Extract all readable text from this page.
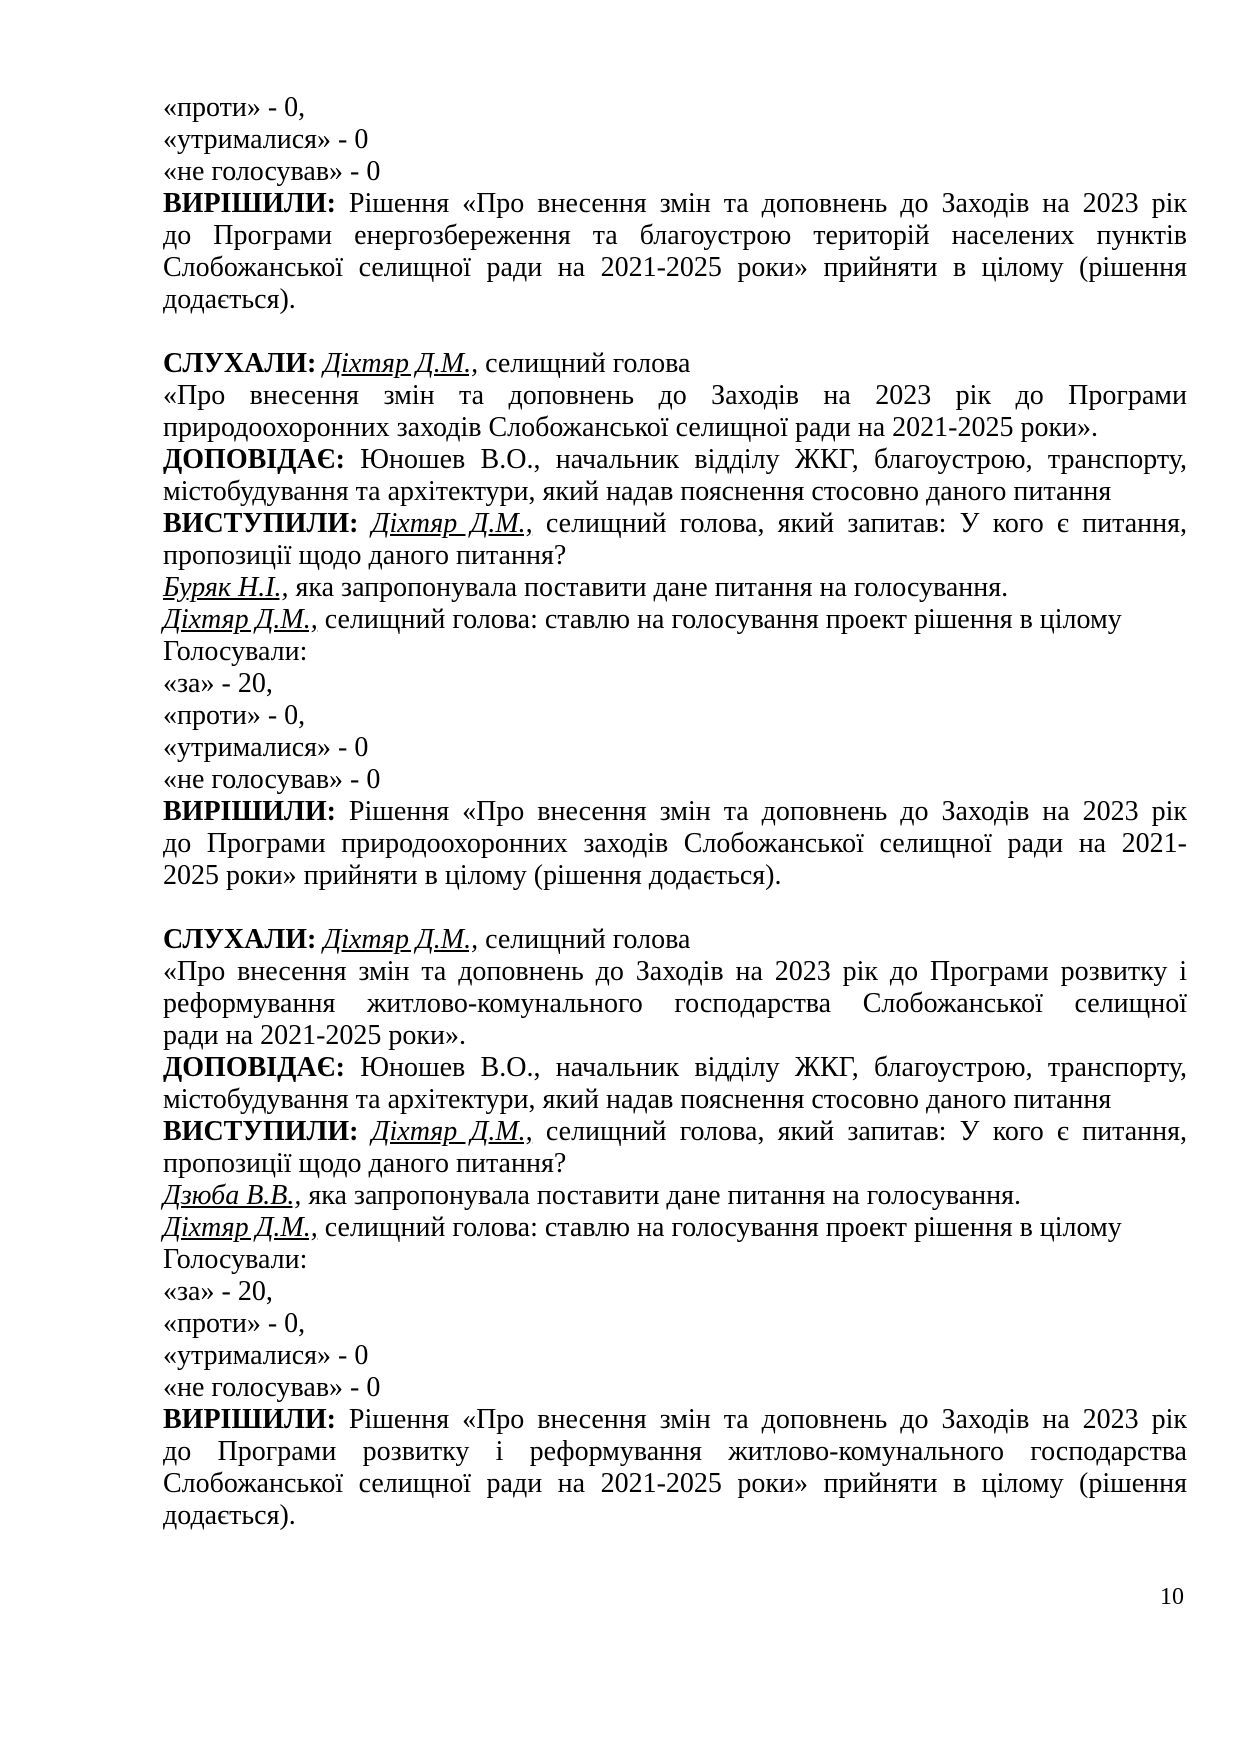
«проти» - 0,
«утрималися» - 0
«не голосував» - 0
ВИРІШИЛИ: Рішення «Про внесення змін та доповнень до Заходів на 2023 рік
до Програми енергозбереження та благоустрою територій населених пунктів
Слобожанської селищної ради на 2021-2025 роки» прийняти в цілому (рішення
додається).
СЛУХАЛИ: Діхтяр Д.М., селищний голова
«Про внесення змін та доповнень до Заходів на 2023 рік до Програми
природоохоронних заходів Слобожанської селищної ради на 2021-2025 роки».
ДОПОВІДАЄ: Юношев В.О., начальник відділу ЖКГ, благоустрою, транспорту,
містобудування та архітектури, який надав пояснення стосовно даного питання
ВИСТУПИЛИ: Діхтяр Д.М., селищний голова, який запитав: У кого є питання,
пропозиції щодо даного питання?
Буряк Н.І., яка запропонувала поставити дане питання на голосування.
Діхтяр Д.М., селищний голова: ставлю на голосування проект рішення в цілому
Голосували:
«за» - 20,
«проти» - 0,
«утрималися» - 0
«не голосував» - 0
ВИРІШИЛИ: Рішення «Про внесення змін та доповнень до Заходів на 2023 рік
до Програми природоохоронних заходів Слобожанської селищної ради на 2021-
2025 роки» прийняти в цілому (рішення додається).
СЛУХАЛИ: Діхтяр Д.М., селищний голова
«Про внесення змін та доповнень до Заходів на 2023 рік до Програми розвитку і
реформування житлово-комунального господарства Слобожанської селищної
ради на 2021-2025 роки».
ДОПОВІДАЄ: Юношев В.О., начальник відділу ЖКГ, благоустрою, транспорту,
містобудування та архітектури, який надав пояснення стосовно даного питання
ВИСТУПИЛИ: Діхтяр Д.М., селищний голова, який запитав: У кого є питання,
пропозиції щодо даного питання?
Дзюба В.В., яка запропонувала поставити дане питання на голосування.
Діхтяр Д.М., селищний голова: ставлю на голосування проект рішення в цілому
Голосували:
«за» - 20,
«проти» - 0,
«утрималися» - 0
«не голосував» - 0
ВИРІШИЛИ: Рішення «Про внесення змін та доповнень до Заходів на 2023 рік
до Програми розвитку і реформування житлово-комунального господарства
Слобожанської селищної ради на 2021-2025 роки» прийняти в цілому (рішення
додається).
10
